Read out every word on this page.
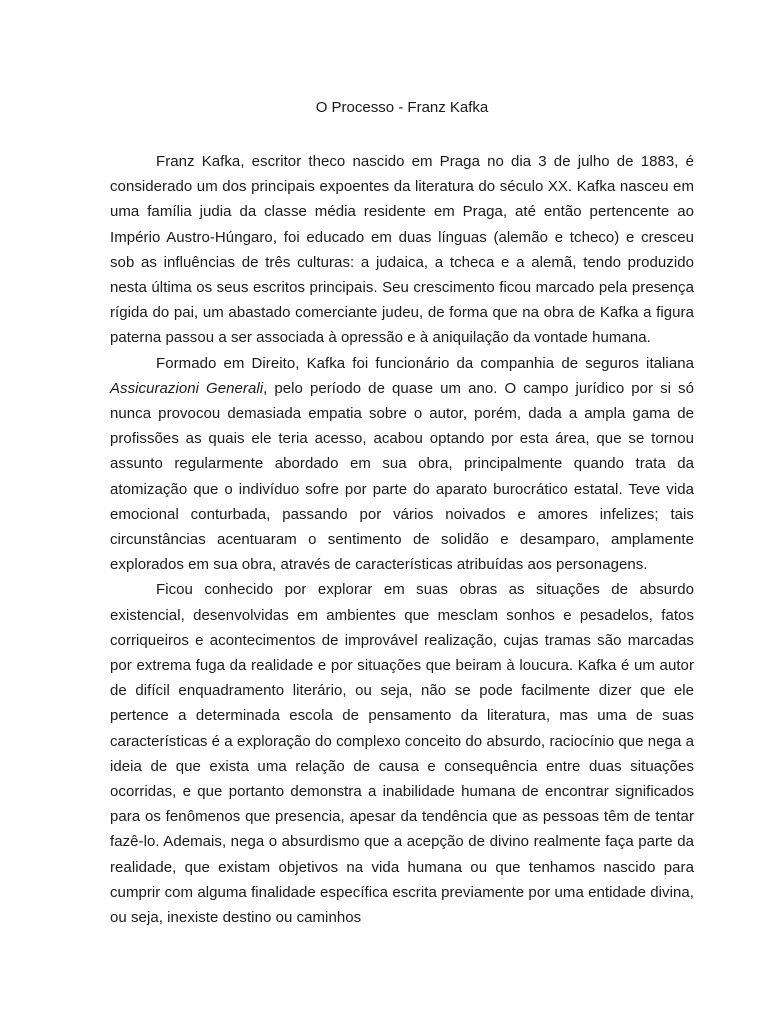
O Processo - Franz Kafka

Franz Kafka, escritor theco nascido em Praga no dia 3 de julho de 1883, é considerado um dos principais expoentes da literatura do século XX. Kafka nasceu em uma família judia da classe média residente em Praga, até então pertencente ao Império Austro-Húngaro, foi educado em duas línguas (alemão e tcheco) e cresceu sob as influências de três culturas: a judaica, a tcheca e a alemã, tendo produzido nesta última os seus escritos principais. Seu crescimento ficou marcado pela presença rígida do pai, um abastado comerciante judeu, de forma que na obra de Kafka a figura paterna passou a ser associada à opressão e à aniquilação da vontade humana.

Formado em Direito, Kafka foi funcionário da companhia de seguros italiana Assicurazioni Generali, pelo período de quase um ano. O campo jurídico por si só nunca provocou demasiada empatia sobre o autor, porém, dada a ampla gama de profissões as quais ele teria acesso, acabou optando por esta área, que se tornou assunto regularmente abordado em sua obra, principalmente quando trata da atomização que o indivíduo sofre por parte do aparato burocrático estatal. Teve vida emocional conturbada, passando por vários noivados e amores infelizes; tais circunstâncias acentuaram o sentimento de solidão e desamparo, amplamente explorados em sua obra, através de características atribuídas aos personagens.

Ficou conhecido por explorar em suas obras as situações de absurdo existencial, desenvolvidas em ambientes que mesclam sonhos e pesadelos, fatos corriqueiros e acontecimentos de improvável realização, cujas tramas são marcadas por extrema fuga da realidade e por situações que beiram à loucura. Kafka é um autor de difícil enquadramento literário, ou seja, não se pode facilmente dizer que ele pertence a determinada escola de pensamento da literatura, mas uma de suas características é a exploração do complexo conceito do absurdo, raciocínio que nega a ideia de que exista uma relação de causa e consequência entre duas situações ocorridas, e que portanto demonstra a inabilidade humana de encontrar significados para os fenômenos que presencia, apesar da tendência que as pessoas têm de tentar fazê-lo. Ademais, nega o absurdismo que a acepção de divino realmente faça parte da realidade, que existam objetivos na vida humana ou que tenhamos nascido para cumprir com alguma finalidade específica escrita previamente por uma entidade divina, ou seja, inexiste destino ou caminhos
